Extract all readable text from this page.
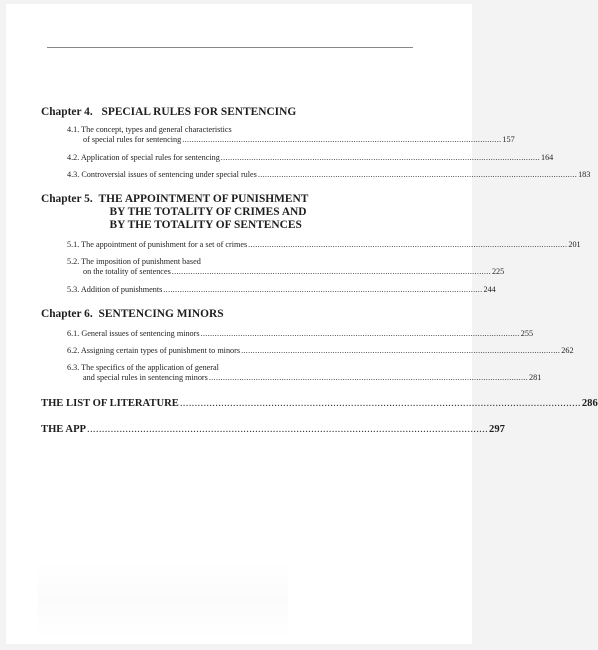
Chapter 4. SPECIAL RULES FOR SENTENCING
4.1. The concept, types and general characteristics
of special rules for sentencing ........................................................................................................................................ 157
4.2. Application of special rules for sentencing ........................................................................................................................................ 164
4.3. Controversial issues of sentencing under special rules ........................................................................................................................................ 183
Chapter 5. THE APPOINTMENT OF PUNISHMENT
BY THE TOTALITY OF CRIMES AND
BY THE TOTALITY OF SENTENCES
5.1. The appointment of punishment for a set of crimes ........................................................................................................................................ 201
5.2. The imposition of punishment based
on the totality of sentences ........................................................................................................................................ 225
5.3. Addition of punishments ........................................................................................................................................ 244
Chapter 6. SENTENCING MINORS
6.1. General issues of sentencing minors ........................................................................................................................................ 255
6.2. Assigning certain types of punishment to minors ........................................................................................................................................ 262
6.3. The specifics of the application of general
and special rules in sentencing minors ........................................................................................................................................ 281
THE LIST OF LITERATURE ........................................................................................................................................ 286
THE APP ........................................................................................................................................ 297
